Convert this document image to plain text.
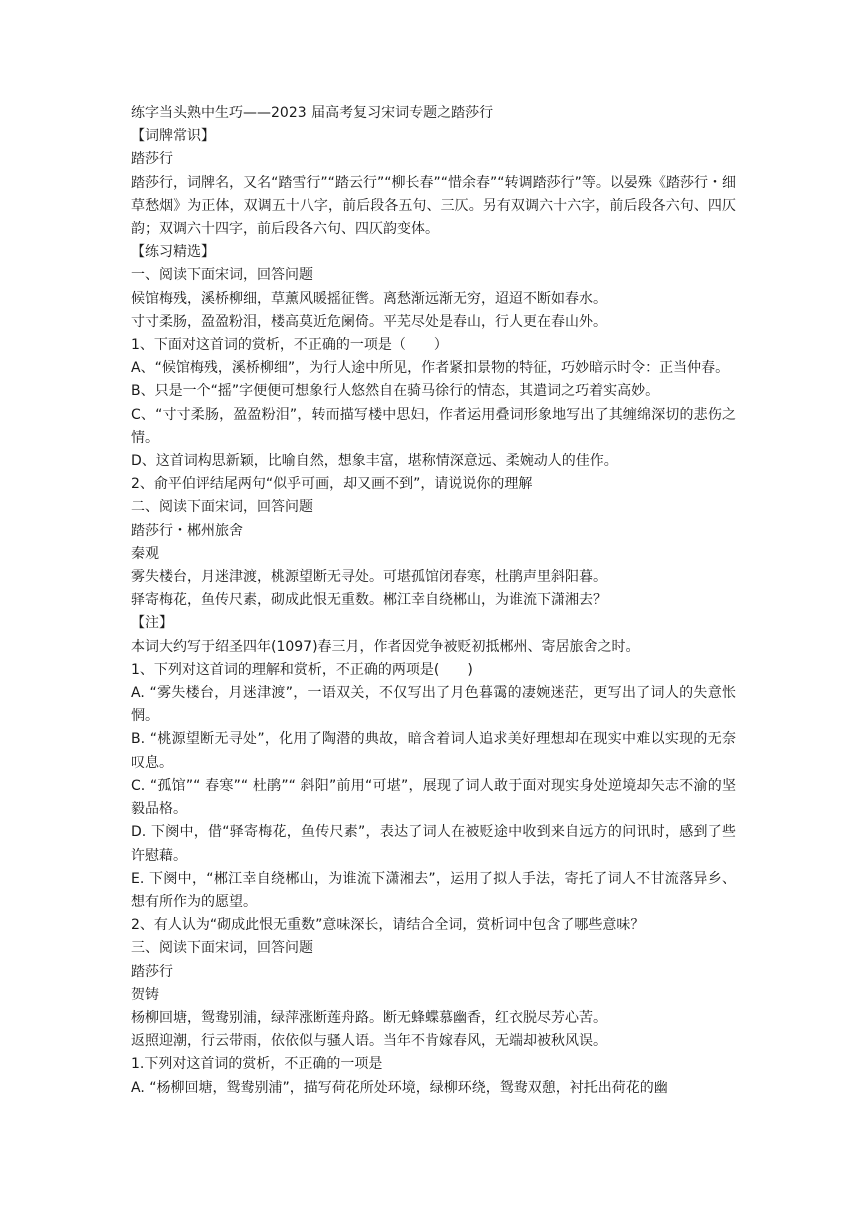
练字当头熟中生巧——2023 届高考复习宋词专题之踏莎行

【词牌常识】

踏莎行

踏莎行，词牌名，又名“踏雪行”“踏云行”“柳长春”“惜余春”“转调踏莎行”等。以晏殊《踏莎行・细草愁烟》为正体，双调五十八字，前后段各五句、三仄。另有双调六十六字，前后段各六句、四仄韵；双调六十四字，前后段各六句、四仄韵变体。

【练习精选】

一、阅读下面宋词，回答问题

候馆梅残，溪桥柳细，草薰风暖摇征辔。离愁渐远渐无穷，迢迢不断如春水。

寸寸柔肠，盈盈粉泪，楼高莫近危阑倚。平芜尽处是春山，行人更在春山外。

1、下面对这首词的赏析，不正确的一项是（　　）

A、“候馆梅残，溪桥柳细”，为行人途中所见，作者紧扣景物的特征，巧妙暗示时令：正当仲春。

B、只是一个“摇”字便便可想象行人悠然自在骑马徐行的情态，其遣词之巧着实高妙。

C、“寸寸柔肠，盈盈粉泪”，转而描写楼中思妇，作者运用叠词形象地写出了其缠绵深切的悲伤之情。

D、这首词构思新颖，比喻自然，想象丰富，堪称情深意远、柔婉动人的佳作。

2、俞平伯评结尾两句“似乎可画，却又画不到”，请说说你的理解

二、阅读下面宋词，回答问题

踏莎行・郴州旅舍

秦观

雾失楼台，月迷津渡，桃源望断无寻处。可堪孤馆闭春寒，杜鹃声里斜阳暮。

驿寄梅花，鱼传尺素，砌成此恨无重数。郴江幸自绕郴山，为谁流下潇湘去？

【注】

本词大约写于绍圣四年(1097)春三月，作者因党争被贬初抵郴州、寄居旅舍之时。

1、下列对这首词的理解和赏析，不正确的两项是(　　)

A. “雾失楼台，月迷津渡”，一语双关，不仅写出了月色暮霭的凄婉迷茫，更写出了词人的失意怅惘。

B. “桃源望断无寻处”，化用了陶潜的典故，暗含着词人追求美好理想却在现实中难以实现的无奈叹息。

C. “孤馆”“ 春寒”“ 杜鹃”“ 斜阳”前用“可堪”，展现了词人敢于面对现实身处逆境却矢志不渝的坚毅品格。

D. 下阕中，借“驿寄梅花，鱼传尺素”，表达了词人在被贬途中收到来自远方的问讯时，感到了些许慰藉。

E. 下阕中，“郴江幸自绕郴山，为谁流下潇湘去”，运用了拟人手法，寄托了词人不甘流落异乡、想有所作为的愿望。

2、有人认为“砌成此恨无重数”意味深长，请结合全词，赏析词中包含了哪些意味？

三、阅读下面宋词，回答问题

踏莎行

贺铸

杨柳回塘，鸳鸯别浦，绿萍涨断莲舟路。断无蜂蝶慕幽香，红衣脱尽芳心苦。

返照迎潮，行云带雨，依依似与骚人语。当年不肯嫁春风，无端却被秋风误。

1.下列对这首词的赏析，不正确的一项是

A. “杨柳回塘，鸳鸯别浦”，描写荷花所处环境，绿柳环绕，鸳鸯双憩，衬托出荷花的幽
